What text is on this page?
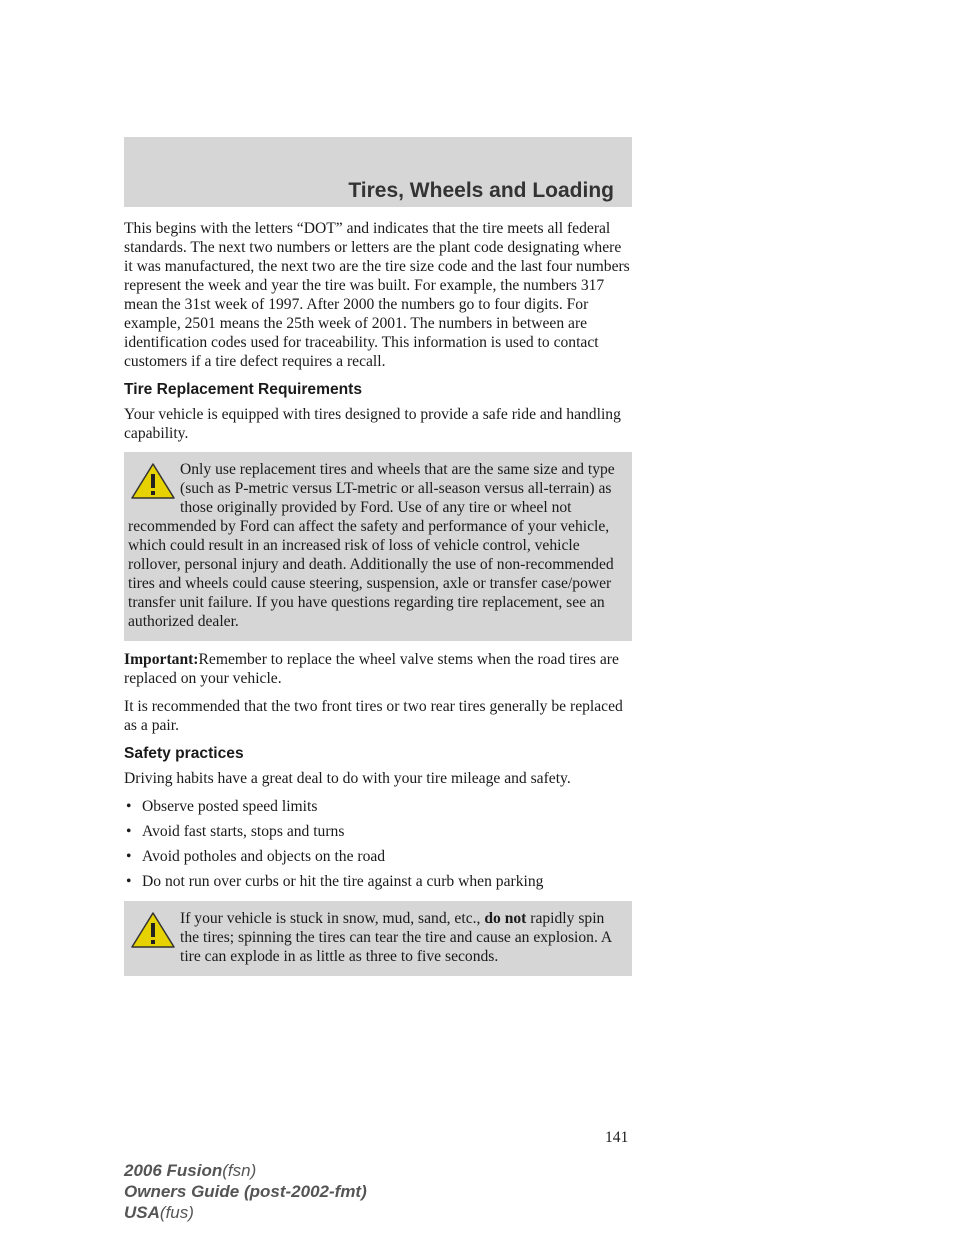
Tires, Wheels and Loading

This begins with the letters “DOT” and indicates that the tire meets all federal standards. The next two numbers or letters are the plant code designating where it was manufactured, the next two are the tire size code and the last four numbers represent the week and year the tire was built. For example, the numbers 317 mean the 31st week of 1997. After 2000 the numbers go to four digits. For example, 2501 means the 25th week of 2001. The numbers in between are identification codes used for traceability. This information is used to contact customers if a tire defect requires a recall.

Tire Replacement Requirements

Your vehicle is equipped with tires designed to provide a safe ride and handling capability.

Only use replacement tires and wheels that are the same size and type (such as P-metric versus LT-metric or all-season versus all-terrain) as those originally provided by Ford. Use of any tire or wheel not recommended by Ford can affect the safety and performance of your vehicle, which could result in an increased risk of loss of vehicle control, vehicle rollover, personal injury and death. Additionally the use of non-recommended tires and wheels could cause steering, suspension, axle or transfer case/power transfer unit failure. If you have questions regarding tire replacement, see an authorized dealer.

Important:Remember to replace the wheel valve stems when the road tires are replaced on your vehicle.

It is recommended that the two front tires or two rear tires generally be replaced as a pair.

Safety practices

Driving habits have a great deal to do with your tire mileage and safety.

• Observe posted speed limits
• Avoid fast starts, stops and turns
• Avoid potholes and objects on the road
• Do not run over curbs or hit the tire against a curb when parking
If your vehicle is stuck in snow, mud, sand, etc., do not rapidly spin the tires; spinning the tires can tear the tire and cause an explosion. A tire can explode in as little as three to five seconds.
141
2006 Fusion(fsn)
Owners Guide (post-2002-fmt)
USA(fus)
